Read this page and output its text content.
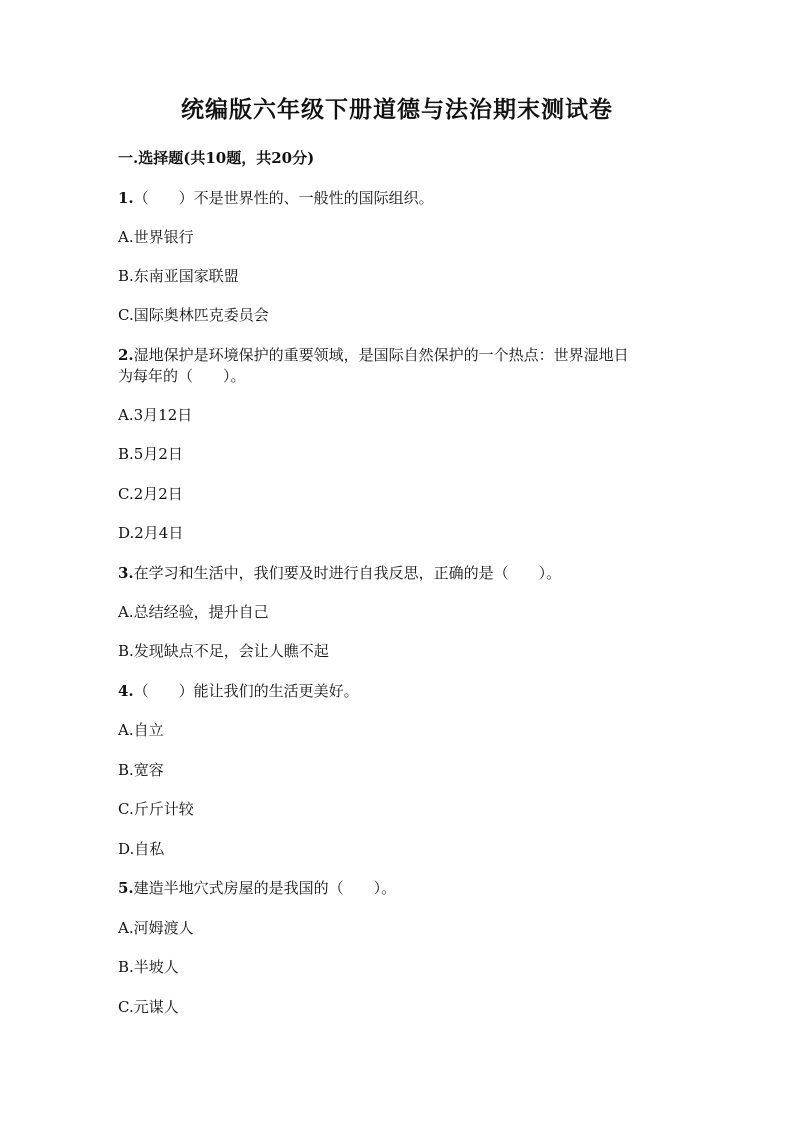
统编版六年级下册道德与法治期末测试卷
一.选择题(共10题，共20分)
1.（　　）不是世界性的、一般性的国际组织。
A.世界银行
B.东南亚国家联盟
C.国际奥林匹克委员会
2.湿地保护是环境保护的重要领域，是国际自然保护的一个热点：世界湿地日
为每年的（　　）。
A.3月12日
B.5月2日
C.2月2日
D.2月4日
3.在学习和生活中，我们要及时进行自我反思，正确的是（　　）。
A.总结经验，提升自己
B.发现缺点不足，会让人瞧不起
4.（　　）能让我们的生活更美好。
A.自立
B.宽容
C.斤斤计较
D.自私
5.建造半地穴式房屋的是我国的（　　）。
A.河姆渡人
B.半坡人
C.元谋人
